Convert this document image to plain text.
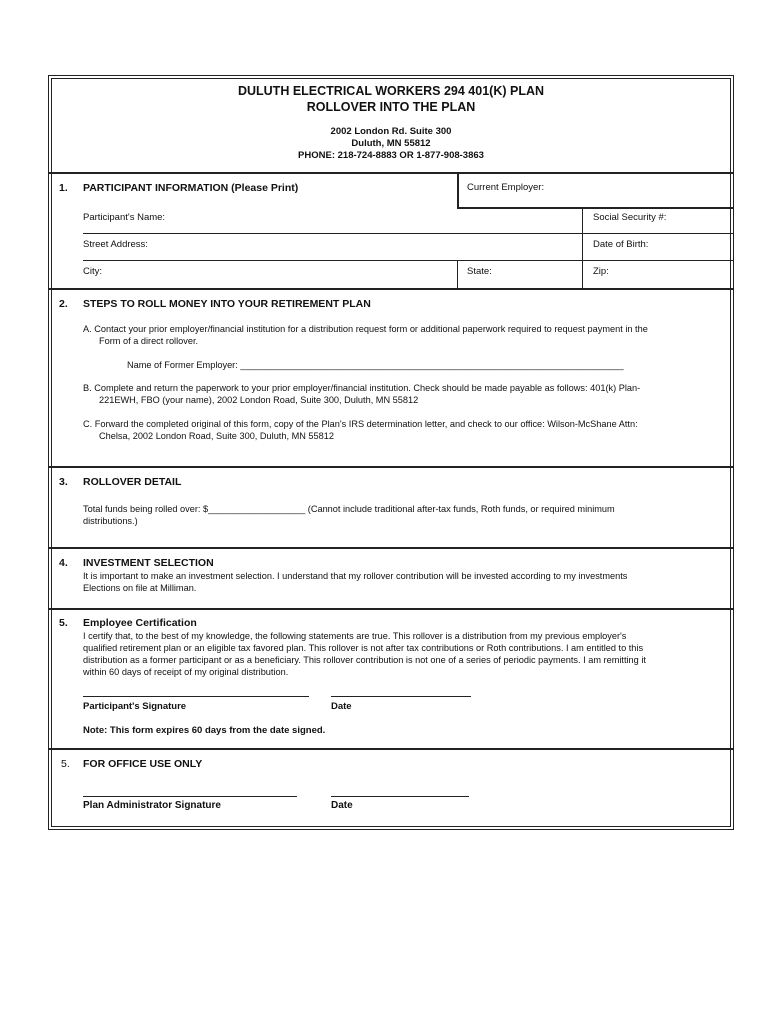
DULUTH ELECTRICAL WORKERS 294 401(K) PLAN
ROLLOVER INTO THE PLAN
2002 London Rd. Suite 300
Duluth, MN 55812
PHONE: 218-724-8883 OR 1-877-908-3863
1. PARTICIPANT INFORMATION (Please Print)	Current Employer:
Participant's Name:	Social Security #:
Street Address:	Date of Birth:
City:	State:	Zip:
2. STEPS TO ROLL MONEY INTO YOUR RETIREMENT PLAN
A. Contact your prior employer/financial institution for a distribution request form or additional paperwork required to request payment in the
Form of a direct rollover.
Name of Former Employer: ___________________________________________________________________________
B. Complete and return the paperwork to your prior employer/financial institution. Check should be made payable as follows: 401(k) Plan-
221EWH, FBO (your name), 2002 London Road, Suite 300, Duluth, MN 55812
C. Forward the completed original of this form, copy of the Plan's IRS determination letter, and check to our office: Wilson-McShane Attn:
Chelsa, 2002 London Road, Suite 300, Duluth, MN 55812
3. ROLLOVER DETAIL
Total funds being rolled over: $___________________ (Cannot include traditional after-tax funds, Roth funds, or required minimum
distributions.)
4. INVESTMENT SELECTION
It is important to make an investment selection. I understand that my rollover contribution will be invested according to my investments
Elections on file at Milliman.
5. Employee Certification
I certify that, to the best of my knowledge, the following statements are true. This rollover is a distribution from my previous employer's
qualified retirement plan or an eligible tax favored plan. This rollover is not after tax contributions or Roth contributions. I am entitled to this
distribution as a former participant or as a beneficiary. This rollover contribution is not one of a series of periodic payments. I am remitting it
within 60 days of receipt of my original distribution.
Participant's Signature	Date
Note: This form expires 60 days from the date signed.
5. FOR OFFICE USE ONLY
Plan Administrator Signature	Date
